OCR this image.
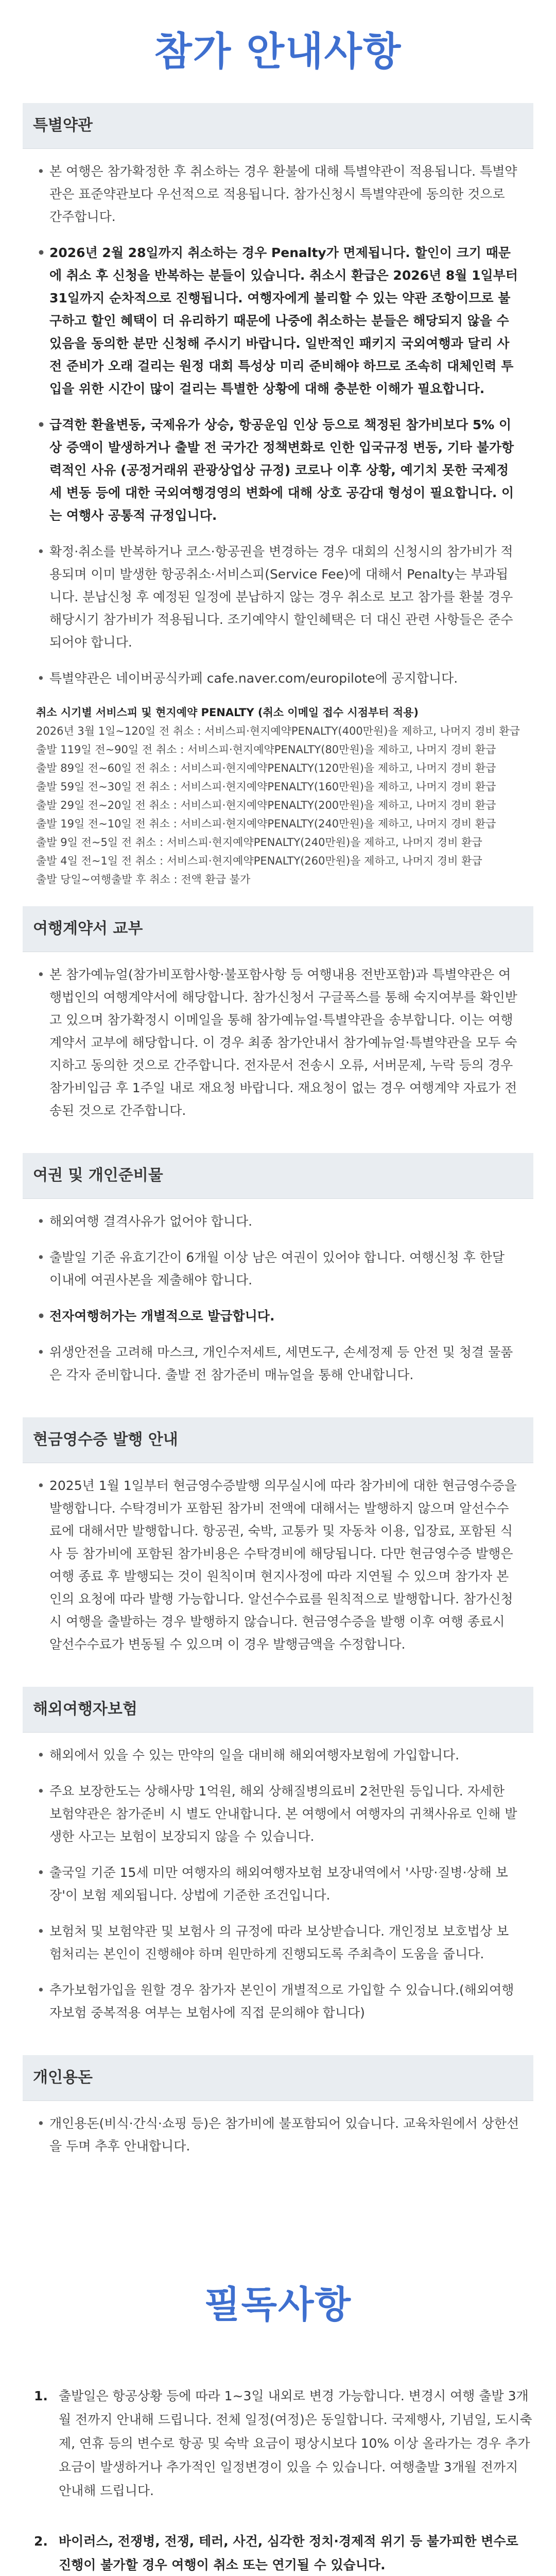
참가 안내사항
특별약관
• 본 여행은 참가확정한 후 취소하는 경우 환불에 대해 특별약관이 적용됩니다. 특별약관은 표준약관보다 우선적으로 적용됩니다. 참가신청시 특별약관에 동의한 것으로 간주합니다.
• 2026년 2월 28일까지 취소하는 경우 Penalty가 면제됩니다. 할인이 크기 때문에 취소 후 신청을 반복하는 분들이 있습니다. 취소시 환급은 2026년 8월 1일부터 31일까지 순차적으로 진행됩니다. 여행자에게 불리할 수 있는 약관 조항이므로 불구하고 할인 혜택이 더 유리하기 때문에 나중에 취소하는 분들은 해당되지 않을 수 있음을 동의한 분만 신청해 주시기 바랍니다. 일반적인 패키지 국외여행과 달리 사전 준비가 오래 걸리는 원정 대회 특성상 미리 준비해야 하므로 조속히 대체인력 투입을 위한 시간이 많이 걸리는 특별한 상황에 대해 충분한 이해가 필요합니다.
• 급격한 환율변동, 국제유가 상승, 항공운임 인상 등으로 책정된 참가비보다 5% 이상 증액이 발생하거나 출발 전 국가간 정책변화로 인한 입국규정 변동, 기타 불가항력적인 사유 (공정거래위 관광상업상 규정) 코로나 이후 상황, 예기치 못한 국제정세 변동 등에 대한 국외여행경영의 변화에 대해 상호 공감대 형성이 필요합니다. 이는 여행사 공통적 규정입니다.
• 확정·취소를 반복하거나 코스·항공권을 변경하는 경우 대회의 신청시의 참가비가 적용되며 이미 발생한 항공취소·서비스피(Service Fee)에 대해서 Penalty는 부과됩니다. 분납신청 후 예정된 일정에 분납하지 않는 경우 취소로 보고 참가를 환불 경우 해당시기 참가비가 적용됩니다. 조기예약시 할인혜택은 더 대신 관련 사항들은 준수되어야 합니다.
• 특별약관은 네이버공식카페 cafe.naver.com/europilote에 공지합니다.
취소 시기별 서비스피 및 현지예약 PENALTY (취소 이메일 접수 시점부터 적용)
2026년 3월 1일~120일 전 취소 : 서비스피·현지예약PENALTY(400만원)을 제하고, 나머지 경비 환급
출발 119일 전~90일 전 취소 : 서비스피·현지예약PENALTY(80만원)을 제하고, 나머지 경비 환급
출발 89일 전~60일 전 취소 : 서비스피·현지예약PENALTY(120만원)을 제하고, 나머지 경비 환급
출발 59일 전~30일 전 취소 : 서비스피·현지예약PENALTY(160만원)을 제하고, 나머지 경비 환급
출발 29일 전~20일 전 취소 : 서비스피·현지예약PENALTY(200만원)을 제하고, 나머지 경비 환급
출발 19일 전~10일 전 취소 : 서비스피·현지예약PENALTY(240만원)을 제하고, 나머지 경비 환급
출발 9일 전~5일 전 취소 : 서비스피·현지예약PENALTY(240만원)을 제하고, 나머지 경비 환급
출발 4일 전~1일 전 취소 : 서비스피·현지예약PENALTY(260만원)을 제하고, 나머지 경비 환급
출발 당일~여행출발 후 취소 : 전액 환급 불가
여행계약서 교부
• 본 참가예뉴얼(참가비포함사항·불포함사항 등 여행내용 전반포함)과 특별약관은 여행법인의 여행계약서에 해당합니다. 참가신청서 구글폭스를 통해 숙지여부를 확인받고 있으며 참가확정시 이메일을 통해 참가예뉴얼·특별약관을 송부합니다. 이는 여행계약서 교부에 해당합니다. 이 경우 최종 참가안내서 참가예뉴얼·특별약관을 모두 숙지하고 동의한 것으로 간주합니다. 전자문서 전송시 오류, 서버문제, 누락 등의 경우 참가비입금 후 1주일 내로 재요청 바랍니다. 재요청이 없는 경우 여행계약 자료가 전송된 것으로 간주합니다.
여권 및 개인준비물
• 해외여행 결격사유가 없어야 합니다.
• 출발일 기준 유효기간이 6개월 이상 남은 여권이 있어야 합니다. 여행신청 후 한달 이내에 여권사본을 제출해야 합니다.
• 전자여행허가는 개별적으로 발급합니다.
• 위생안전을 고려해 마스크, 개인수저세트, 세면도구, 손세정제 등 안전 및 청결 물품은 각자 준비합니다. 출발 전 참가준비 매뉴얼을 통해 안내합니다.
현금영수증 발행 안내
• 2025년 1월 1일부터 현금영수증발행 의무실시에 따라 참가비에 대한 현금영수증을 발행합니다. 수탁경비가 포함된 참가비 전액에 대해서는 발행하지 않으며 알선수수료에 대해서만 발행합니다. 항공권, 숙박, 교통카 및 자동차 이용, 입장료, 포함된 식사 등 참가비에 포함된 참가비용은 수탁경비에 해당됩니다. 다만 현금영수증 발행은 여행 종료 후 발행되는 것이 원칙이며 현지사정에 따라 지연될 수 있으며 참가자 본인의 요청에 따라 발행 가능합니다. 알선수수료를 원칙적으로 발행합니다. 참가신청시 여행을 출발하는 경우 발행하지 않습니다. 현금영수증을 발행 이후 여행 종료시 알선수수료가 변동될 수 있으며 이 경우 발행금액을 수정합니다.
해외여행자보험
• 해외에서 있을 수 있는 만약의 일을 대비해 해외여행자보험에 가입합니다.
• 주요 보장한도는 상해사망 1억원, 해외 상해질병의료비 2천만원 등입니다. 자세한 보험약관은 참가준비 시 별도 안내합니다. 본 여행에서 여행자의 귀책사유로 인해 발생한 사고는 보험이 보장되지 않을 수 있습니다.
• 출국일 기준 15세 미만 여행자의 해외여행자보험 보장내역에서 '사망·질병·상해 보장'이 보험 제외됩니다. 상법에 기준한 조건입니다.
• 보험처 및 보험약관 및 보험사 의 규정에 따라 보상받습니다. 개인정보 보호법상 보험처리는 본인이 진행해야 하며 원만하게 진행되도록 주최측이 도움을 줍니다.
• 추가보험가입을 원할 경우 참가자 본인이 개별적으로 가입할 수 있습니다.(해외여행자보험 중복적용 여부는 보험사에 직접 문의해야 합니다)
개인용돈
• 개인용돈(비식·간식·쇼핑 등)은 참가비에 불포함되어 있습니다. 교육차원에서 상한선을 두며 추후 안내합니다.
필독사항
1. 출발일은 항공상황 등에 따라 1~3일 내외로 변경 가능합니다. 변경시 여행 출발 3개월 전까지 안내해 드립니다. 전체 일정(여정)은 동일합니다. 국제행사, 기념일, 도시축제, 연휴 등의 변수로 항공 및 숙박 요금이 평상시보다 10% 이상 올라가는 경우 추가요금이 발생하거나 추가적인 일정변경이 있을 수 있습니다. 여행출발 3개월 전까지 안내해 드립니다.
2. 바이러스, 전쟁병, 전쟁, 테러, 사건, 심각한 정치·경제적 위기 등 불가피한 변수로 진행이 불가할 경우 여행이 취소 또는 연기될 수 있습니다.
